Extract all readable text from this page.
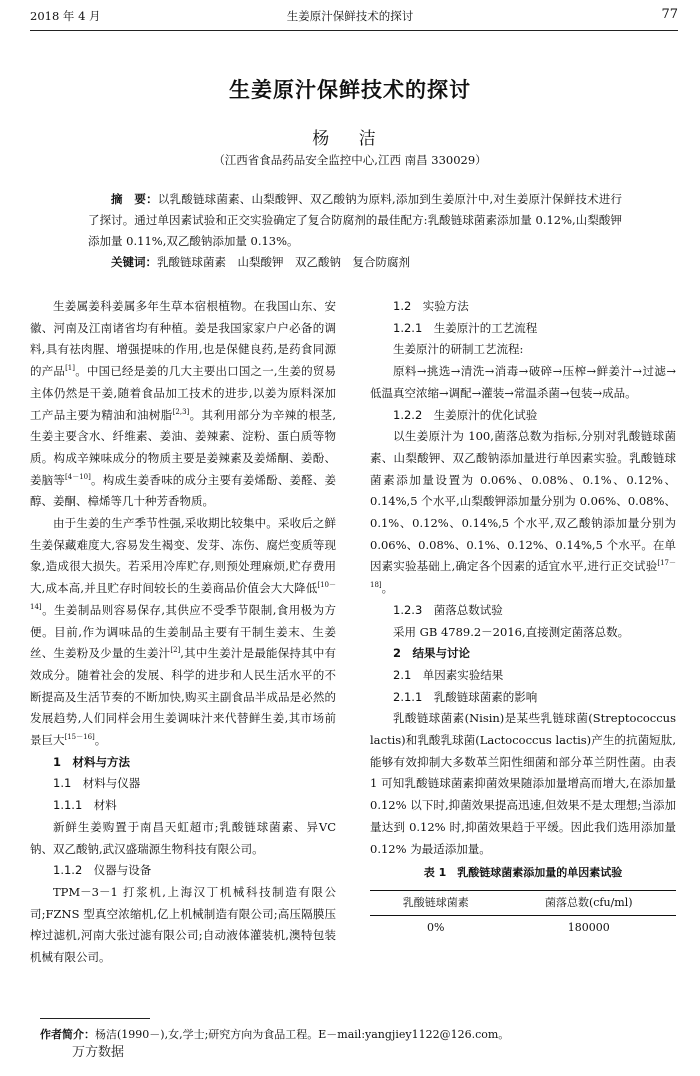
2018 年 4 月	生姜原汁保鲜技术的探讨	77
生姜原汁保鲜技术的探讨
杨 洁
（江西省食品药品安全监控中心,江西 南昌 330029）
摘　要：以乳酸链球菌素、山梨酸钾、双乙酸钠为原料,添加到生姜原汁中,对生姜原汁保鲜技术进行了探讨。通过单因素试验和正交实验确定了复合防腐剂的最佳配方:乳酸链球菌素添加量 0.12%,山梨酸钾添加量 0.11%,双乙酸钠添加量 0.13%。
关键词：乳酸链球菌素　山梨酸钾　双乙酸钠　复合防腐剂

生姜属姜科姜属多年生草本宿根植物。在我国山东、安徽、河南及江南诸省均有种植。姜是我国家家户户必备的调料,具有祛肉腥、增强提味的作用,也是保健良药,是药食同源的产品[1]。中国已经是姜的几大主要出口国之一,生姜的贸易主体仍然是干姜,随着食品加工技术的进步,以姜为原料深加工产品主要为精油和油树脂[2,3]。其利用部分为辛辣的根茎,生姜主要含水、纤维素、姜油、姜辣素、淀粉、蛋白质等物质。构成辛辣味成分的物质主要是姜辣素及姜烯酮、姜酚、姜脑等[4－10]。构成生姜香味的成分主要有姜烯酚、姜醛、姜醇、姜酮、樟烯等几十种芳香物质。

由于生姜的生产季节性强,采收期比较集中。采收后之鲜生姜保藏难度大,容易发生褐变、发芽、冻伤、腐烂变质等现象,造成很大损失。若采用冷库贮存,则预处理麻烦,贮存费用大,成本高,并且贮存时间较长的生姜商品价值会大大降低[10－14]。生姜制品则容易保存,其供应不受季节限制,食用极为方便。目前,作为调味品的生姜制品主要有干制生姜末、生姜丝、生姜粉及少量的生姜汁[2],其中生姜汁是最能保持其中有效成分。随着社会的发展、科学的进步和人民生活水平的不断提高及生活节奏的不断加快,购买主副食品半成品是必然的发展趋势,人们同样会用生姜调味汁来代替鲜生姜,其市场前景巨大[15－16]。

1　材料与方法

1.1　材料与仪器

1.1.1　材料

新鲜生姜购置于南昌天虹超市;乳酸链球菌素、异VC 钠、双乙酸钠,武汉盛瑞源生物科技有限公司。

1.1.2　仪器与设备

TPM－3－1 打浆机,上海汉丁机械科技制造有限公司;FZNS 型真空浓缩机,亿上机械制造有限公司;高压隔膜压榨过滤机,河南大张过滤有限公司;自动液体灌装机,澳特包装机械有限公司。

1.2　实验方法

1.2.1　生姜原汁的工艺流程

生姜原汁的研制工艺流程:

原料→挑选→清洗→消毒→破碎→压榨→鲜姜汁→过滤→低温真空浓缩→调配→灌装→常温杀菌→包装→成品。

1.2.2　生姜原汁的优化试验

以生姜原汁为 100,菌落总数为指标,分别对乳酸链球菌素、山梨酸钾、双乙酸钠添加量进行单因素实验。乳酸链球菌素添加量设置为 0.06%、0.08%、0.1%、0.12%、0.14%,5 个水平,山梨酸钾添加量分别为 0.06%、0.08%、0.1%、0.12%、0.14%,5 个水平,双乙酸钠添加量分别为 0.06%、0.08%、0.1%、0.12%、0.14%,5 个水平。在单因素实验基础上,确定各个因素的适宜水平,进行正交试验[17－18]。

1.2.3　菌落总数试验

采用 GB 4789.2－2016,直接测定菌落总数。

2　结果与讨论

2.1　单因素实验结果

2.1.1　乳酸链球菌素的影响

乳酸链球菌素(Nisin)是某些乳链球菌(Streptococcus lactis)和乳酸乳球菌(Lactococcus lactis)产生的抗菌短肽,能够有效抑制大多数革兰阳性细菌和部分革兰阴性菌。由表 1 可知乳酸链球菌素抑菌效果随添加量增高而增大,在添加量 0.12% 以下时,抑菌效果提高迅速,但效果不是太理想;当添加量达到 0.12% 时,抑菌效果趋于平缓。因此我们选用添加量 0.12% 为最适添加量。

表 1　乳酸链球菌素添加量的单因素试验
乳酸链球菌素	菌落总数(cfu/ml)
0%	180000
作者简介：杨洁(1990－),女,学士;研究方向为食品工程。E－mail:yangjiey1122@126.com。
万方数据
